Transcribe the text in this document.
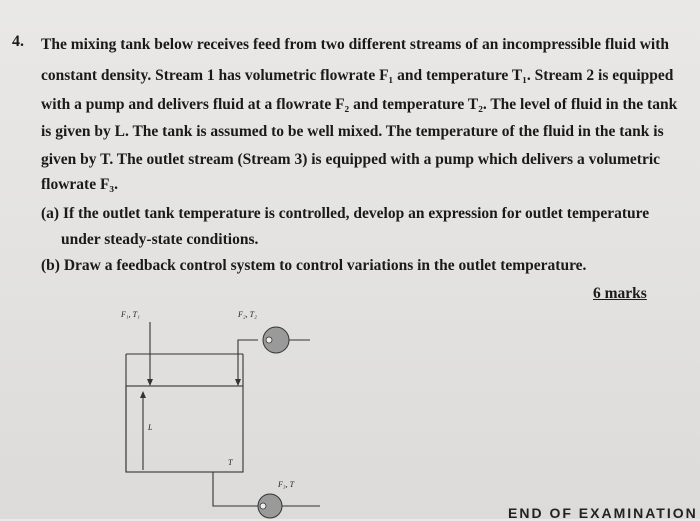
4. The mixing tank below receives feed from two different streams of an incompressible fluid with
constant density. Stream 1 has volumetric flowrate F₁ and temperature T₁. Stream 2 is equipped
with a pump and delivers fluid at a flowrate F₂ and temperature T₂. The level of fluid in the tank
is given by L. The tank is assumed to be well mixed. The temperature of the fluid in the tank is
given by T. The outlet stream (Stream 3) is equipped with a pump which delivers a volumetric
flowrate F₃.
(a) If the outlet tank temperature is controlled, develop an expression for outlet temperature
under steady-state conditions.
(b) Draw a feedback control system to control variations in the outlet temperature.
6 marks
F₁, T₁	F₂, T₂
L
T
F₃, T
END OF EXAMINATION
